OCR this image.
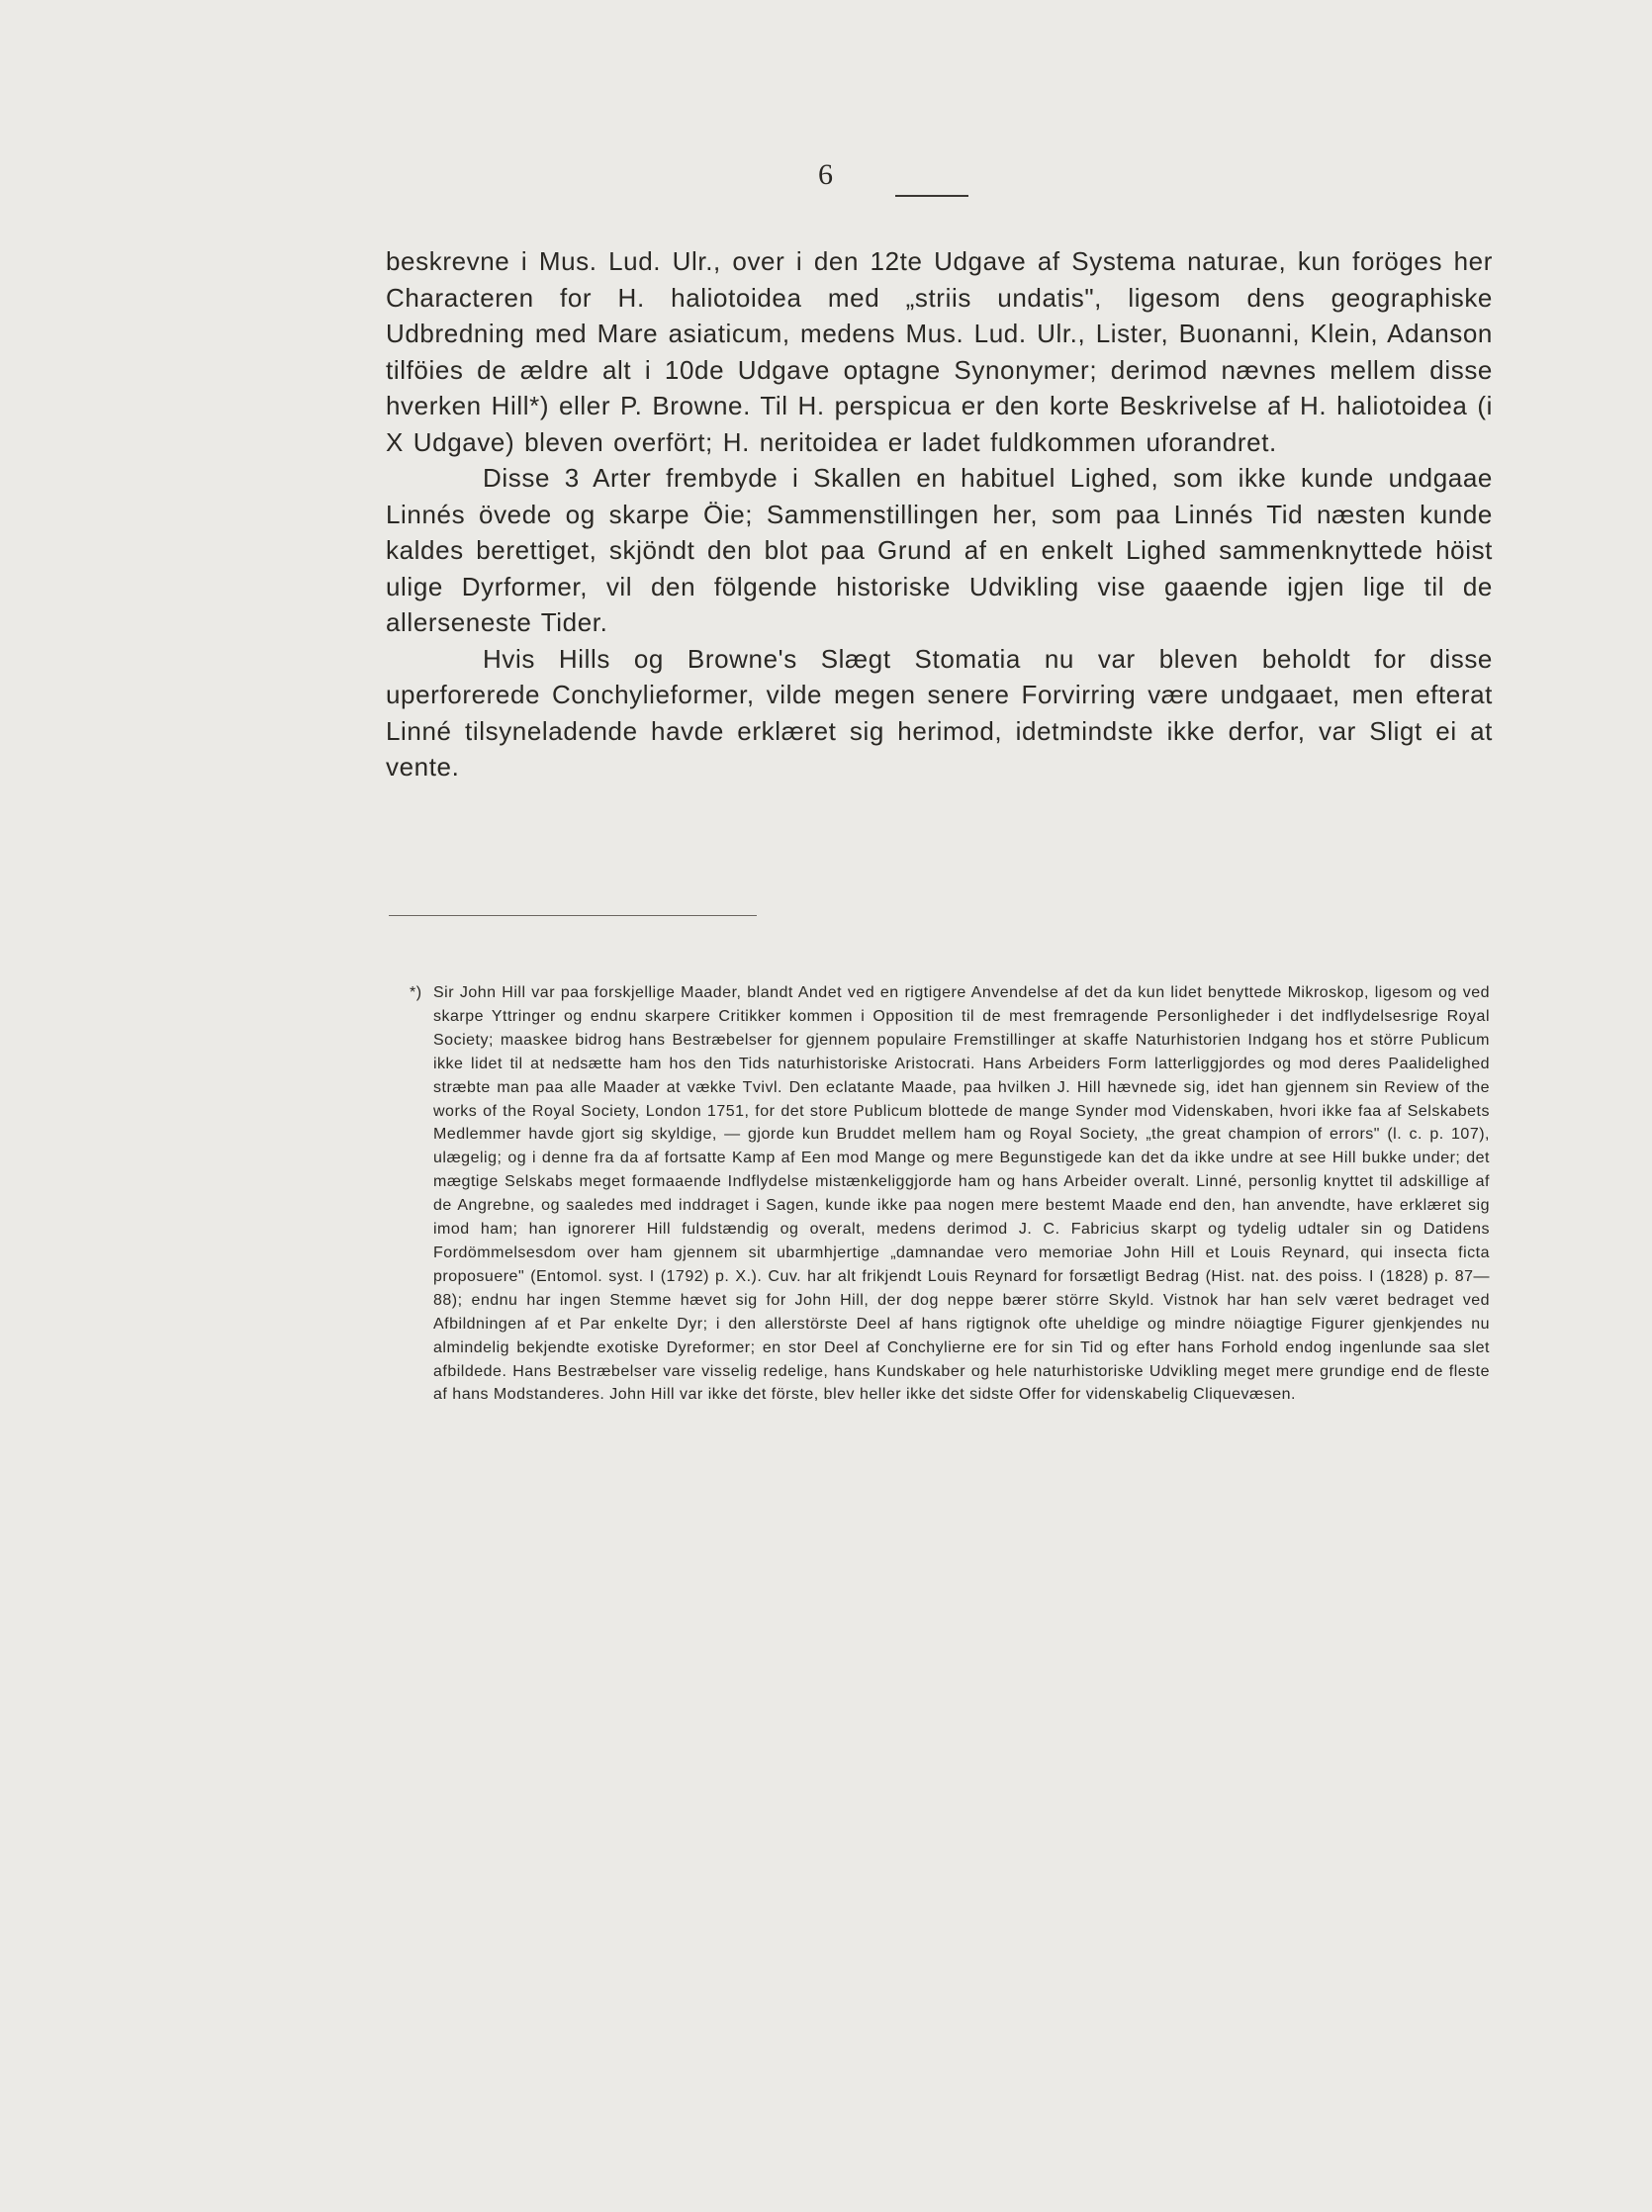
6

beskrevne i Mus. Lud. Ulr., over i den 12te Udgave af Systema naturae, kun foröges her Characteren for H. haliotoidea med „striis undatis", ligesom dens geographiske Udbredning med Mare asiaticum, medens Mus. Lud. Ulr., Lister, Buonanni, Klein, Adanson tilföies de ældre alt i 10de Udgave optagne Synonymer; derimod nævnes mellem disse hverken Hill*) eller P. Browne. Til H. perspicua er den korte Beskrivelse af H. haliotoidea (i X Udgave) bleven overfört; H. neritoidea er ladet fuldkommen uforandret.

Disse 3 Arter frembyde i Skallen en habituel Lighed, som ikke kunde undgaae Linnés övede og skarpe Öie; Sammenstillingen her, som paa Linnés Tid næsten kunde kaldes berettiget, skjöndt den blot paa Grund af en enkelt Lighed sammenknyttede höist ulige Dyrformer, vil den fölgende historiske Udvikling vise gaaende igjen lige til de allerseneste Tider.

Hvis Hills og Browne's Slægt Stomatia nu var bleven beholdt for disse uperforerede Conchylieformer, vilde megen senere Forvirring være undgaaet, men efterat Linné tilsyneladende havde erklæret sig herimod, idetmindste ikke derfor, var Sligt ei at vente.

*) Sir John Hill var paa forskjellige Maader, blandt Andet ved en rigtigere Anvendelse af det da kun lidet benyttede Mikroskop, ligesom og ved skarpe Yttringer og endnu skarpere Critikker kommen i Opposition til de mest fremragende Personligheder i det indflydelsesrige Royal Society; maaskee bidrog hans Bestræbelser for gjennem populaire Fremstillinger at skaffe Naturhistorien Indgang hos et större Publicum ikke lidet til at nedsætte ham hos den Tids naturhistoriske Aristocrati. Hans Arbeiders Form latterliggjordes og mod deres Paalidelighed stræbte man paa alle Maader at vække Tvivl. Den eclatante Maade, paa hvilken J. Hill hævnede sig, idet han gjennem sin Review of the works of the Royal Society, London 1751, for det store Publicum blottede de mange Synder mod Videnskaben, hvori ikke faa af Selskabets Medlemmer havde gjort sig skyldige, — gjorde kun Bruddet mellem ham og Royal Society, „the great champion of errors" (l. c. p. 107), ulægelig; og i denne fra da af fortsatte Kamp af Een mod Mange og mere Begunstigede kan det da ikke undre at see Hill bukke under; det mægtige Selskabs meget formaaende Indflydelse mistænkeliggjorde ham og hans Arbeider overalt. Linné, personlig knyttet til adskillige af de Angrebne, og saaledes med inddraget i Sagen, kunde ikke paa nogen mere bestemt Maade end den, han anvendte, have erklæret sig imod ham; han ignorerer Hill fuldstændig og overalt, medens derimod J. C. Fabricius skarpt og tydelig udtaler sin og Datidens Fordömmelsesdom over ham gjennem sit ubarmhjertige „damnandae vero memoriae John Hill et Louis Reynard, qui insecta ficta proposuere" (Entomol. syst. I (1792) p. X.). Cuv. har alt frikjendt Louis Reynard for forsætligt Bedrag (Hist. nat. des poiss. I (1828) p. 87—88); endnu har ingen Stemme hævet sig for John Hill, der dog neppe bærer större Skyld. Vistnok har han selv været bedraget ved Afbildningen af et Par enkelte Dyr; i den allerstörste Deel af hans rigtignok ofte uheldige og mindre nöiagtige Figurer gjenkjendes nu almindelig bekjendte exotiske Dyreformer; en stor Deel af Conchylierne ere for sin Tid og efter hans Forhold endog ingenlunde saa slet afbildede. Hans Bestræbelser vare visselig redelige, hans Kundskaber og hele naturhistoriske Udvikling meget mere grundige end de fleste af hans Modstanderes. John Hill var ikke det förste, blev heller ikke det sidste Offer for videnskabelig Cliquevæsen.
